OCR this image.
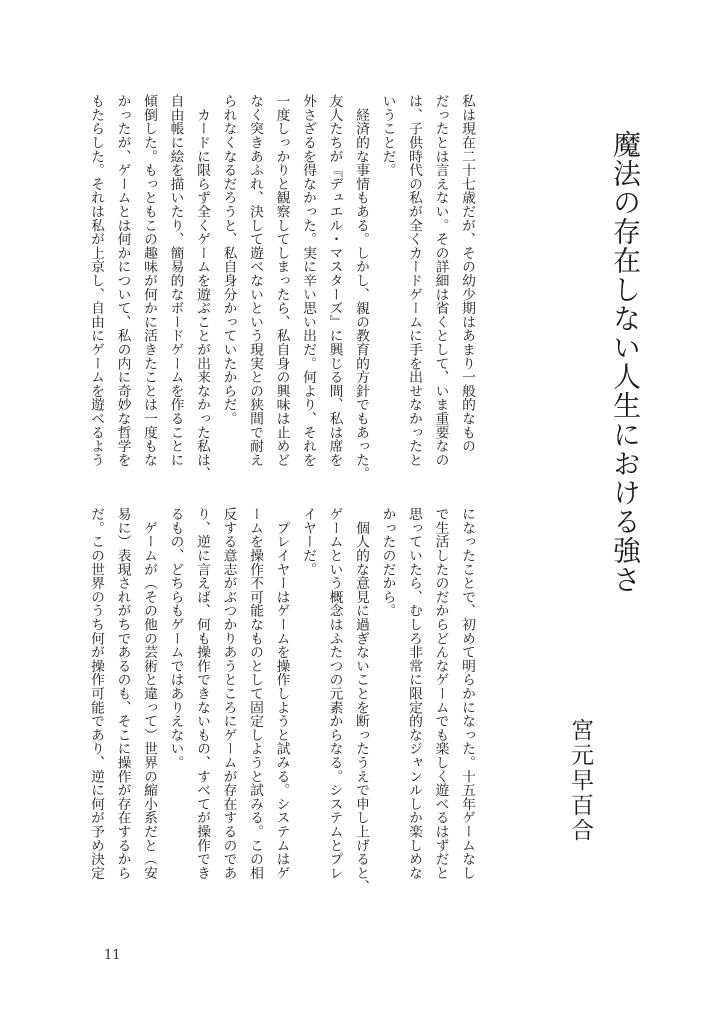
魔法の存在しない人生における強さ
宮元早百合
私は現在二十七歳だが、その幼少期はあまり一般的なもの
だったとは言えない。その詳細は省くとして、いま重要なの
は、子供時代の私が全くカードゲームに手を出せなかったと
いうことだ。
　経済的な事情もある。しかし、親の教育的方針でもあった。
友人たちが『デュエル・マスターズ』に興じる間、私は席を
外さざるを得なかった。実に辛い思い出だ。何より、それを
一度しっかりと観察してしまったら、私自身の興味は止めど
なく突きあふれ、決して遊べないという現実との狭間で耐え
られなくなるだろうと、私自身分かっていたからだ。
　カードに限らず全くゲームを遊ぶことが出来なかった私は、
自由帳に絵を描いたり、簡易的なボードゲームを作ることに
傾倒した。もっともこの趣味が何かに活きたことは一度もな
かったが、ゲームとは何かについて、私の内に奇妙な哲学を
もたらした。それは私が上京し、自由にゲームを遊べるよう
になったことで、初めて明らかになった。十五年ゲームなし
で生活したのだからどんなゲームでも楽しく遊べるはずだと
思っていたら、むしろ非常に限定的なジャンルしか楽しめな
かったのだから。
　個人的な意見に過ぎないことを断ったうえで申し上げると、
ゲームという概念はふたつの元素からなる。システムとプレ
イヤーだ。
　プレイヤーはゲームを操作しようと試みる。システムはゲ
ームを操作不可能なものとして固定しようと試みる。この相
反する意志がぶつかりあうところにゲームが存在するのであ
り、逆に言えば、何も操作できないもの、すべてが操作でき
るもの、どちらもゲームではありえない。
　ゲームが（その他の芸術と違って）世界の縮小系だと（安
易に）表現されがちであるのも、そこに操作が存在するから
だ。この世界のうち何が操作可能であり、逆に何が予め決定
11
